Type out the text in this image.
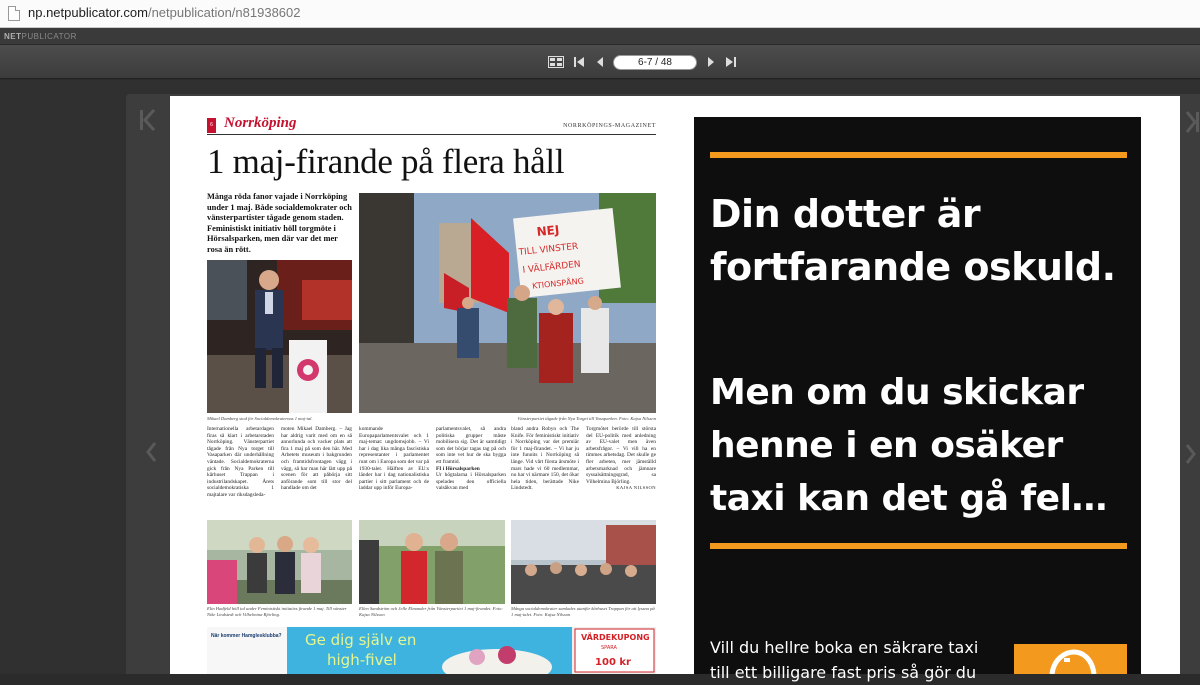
np.netpublicator.com/netpublication/n81938602
NETPUBLICATOR
6-7 / 48
6 Norrköping	NORRKÖPINGS-MAGAZINET
1 maj-firande på flera håll
Många röda fanor vajade i Norrköping under 1 maj. Både socialdemokrater och vänsterpartister tågade genom staden. Feministiskt initiativ höll torgmöte i Hörsalsparken, men där var det mer rosa än rött.
Mikael Damberg stod för Socialdemokraternas 1 maj-tal.
NEJ
TILL VINSTER
I VÄLFÄRDEN
KTIONSPÅNG
Vänsterpartiet tågade från Nya Torget till Vasaparken. Foto: Kajsa Nilsson
Internationella arbetardagen firas så klart i arbetarstaden Norrköping. Vänsterpartiet tågade från Nya torget till Vasaparken där underhållning väntade. Socialdemokraterna gick från Nya Parken till kårhuset Trappan i industrilandskapet. Årets socialdemokratiska 1 majtalare var riksdagsleda-
moten Mikael Damberg. – Jag har aldrig varit med om en så annorlunda och vacker plats att fira 1 maj på som den här. Med Arbetets museum i bakgrunden och framtidsfrontagen vägg i vägg, så har man här lätt upp på scenen för att påbörja sitt anförande som till stor del handlade om det
kommande Europaparlamentsvalet och 1 maj-temat: ungdomsjobb. – Vi har i dag lika många fascistiska representanter i parlamentet runt om i Europa som det var på 1930-talet. Hälften av EU:s länder har i dag nationalistiska partier i sitt parlament och de laddar upp inför Europa-
parlamentsvalet, så andra politiska grupper måste mobilisera sig. Det är samtidigt som det börjar tagas tag på och som inte vet hur de ska bygga ett framtid.
FI i Hörsalsparken
Ur högtalarna i Hörsalsparken spelades den officiella valsåkvan med
bland andra Robyn och The Knife. För feministiskt initiativ i Norrköping var det premiär för 1 maj-firandet. – Vi har ju inte funnits i Norrköping så länge. Vid vårt första årsmöte i mars hade vi 60 medlemmar, nu har vi närmare 150, det ökar hela tiden, berättade Nike Lindstedt.
Torgmötet berörde till största del EU-politik med anledning av EU-valet men även arbetsfrågor. – Vi vill ha en timmes arbetsdag. Det skulle ge fler arbeten, mer jämställd arbetsmarknad och jämnare syssalsättningsgrad, sa Vilhelmina Björling.
KAJSA NILSSON
Elin Hadfeld höll tal under Feministiskt initiativs firande 1 maj. Till vänster Nike Lindstedt och Vilhelmina Björling.
Ellen Sandström och Jelle Elmander från Vänsterpartiet 1 maj-firandet. Foto: Kajsa Nilsson
Många socialdemokrater samlades utanför kårhuset Trappan för att lyssna på 1 maj-talet. Foto: Kajsa Nilsson
100 kr
När kommer Hamglesklubba? Ge dig själv en
high-fivel
VÄRDEKUPONG
SPARA
Din dotter är
fortfarande oskuld.
Men om du skickar
henne i en osäker
taxi kan det gå fel…
Vill du hellre boka en säkrare taxi
till ett billigare fast pris så gör du
